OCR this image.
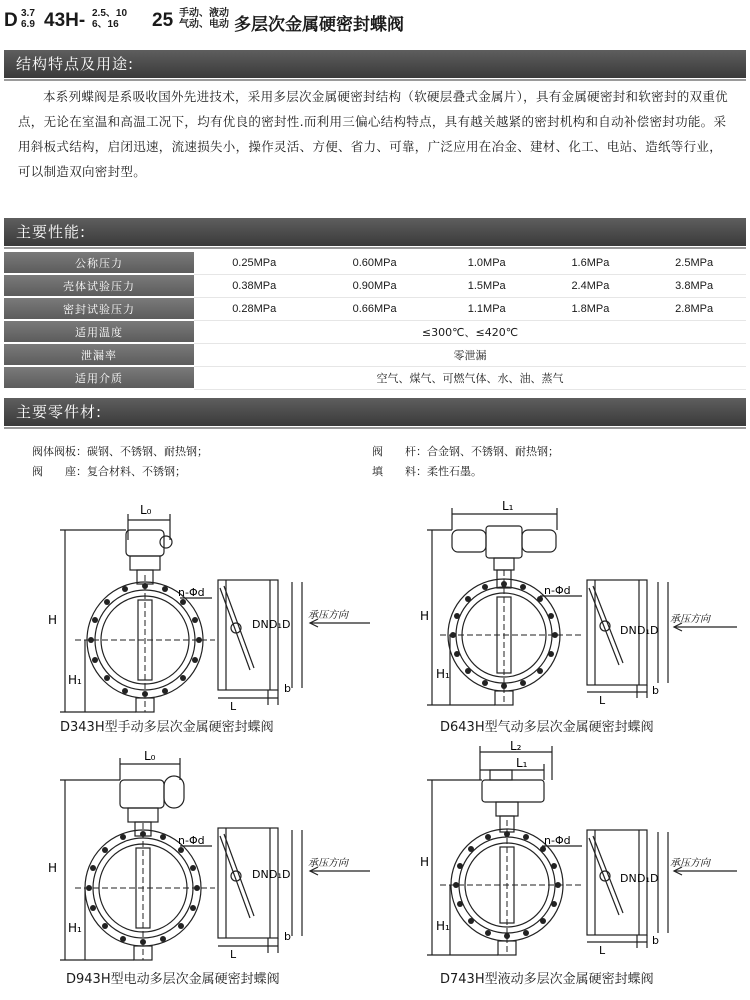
D 3.7
6.9 43H- 2.5、10
6、16	25 手动、液动
气动、电动 多层次金属硬密封蝶阀
结构特点及用途:
本系列蝶阀是系吸收国外先进技术，采用多层次金属硬密封结构（软硬层叠式金属片），具有金属硬密封和软密封的双重优点，无论在室温和高温工况下，均有优良的密封性.而利用三偏心结构特点，具有越关越紧的密封机构和自动补偿密封功能。采用斜板式结构，启闭迅速，流速损失小，操作灵活、方便、省力、可靠，广泛应用在冶金、建材、化工、电站、造纸等行业，可以制造双向密封型。
主要性能:
公称压力	0.25MPa	0.60MPa	1.0MPa	1.6MPa	2.5MPa
壳体试验压力	0.38MPa	0.90MPa	1.5MPa	2.4MPa	3.8MPa
密封试验压力	0.28MPa	0.66MPa	1.1MPa	1.8MPa	2.8MPa
适用温度	≤300℃、≤420℃				
泄漏率	零泄漏				
适用介质	空气、煤气、可燃气体、水、油、蒸气				
主要零件材:
阀体阀板：碳钢、不锈钢、耐热钢；	阀　　杆：合金钢、不锈钢、耐热钢；
阀　　座：复合材料、不锈钢；	填　　料：柔性石墨。
H
H₁
L₀
n-Φd
DN D₁ D
承压方向
L
b
D343H型手动多层次金属硬密封蝶阀
H
H₁
L₁
n-Φd
DN D₁ D
承压方向
L
b
D643H型气动多层次金属硬密封蝶阀
H
H₁
L₀
n-Φd
DN D₁ D
承压方向
L
b
D943H型电动多层次金属硬密封蝶阀
H
H₁
L₂
L₁
n-Φd
DN D₁ D
承压方向
L
b
D743H型液动多层次金属硬密封蝶阀
